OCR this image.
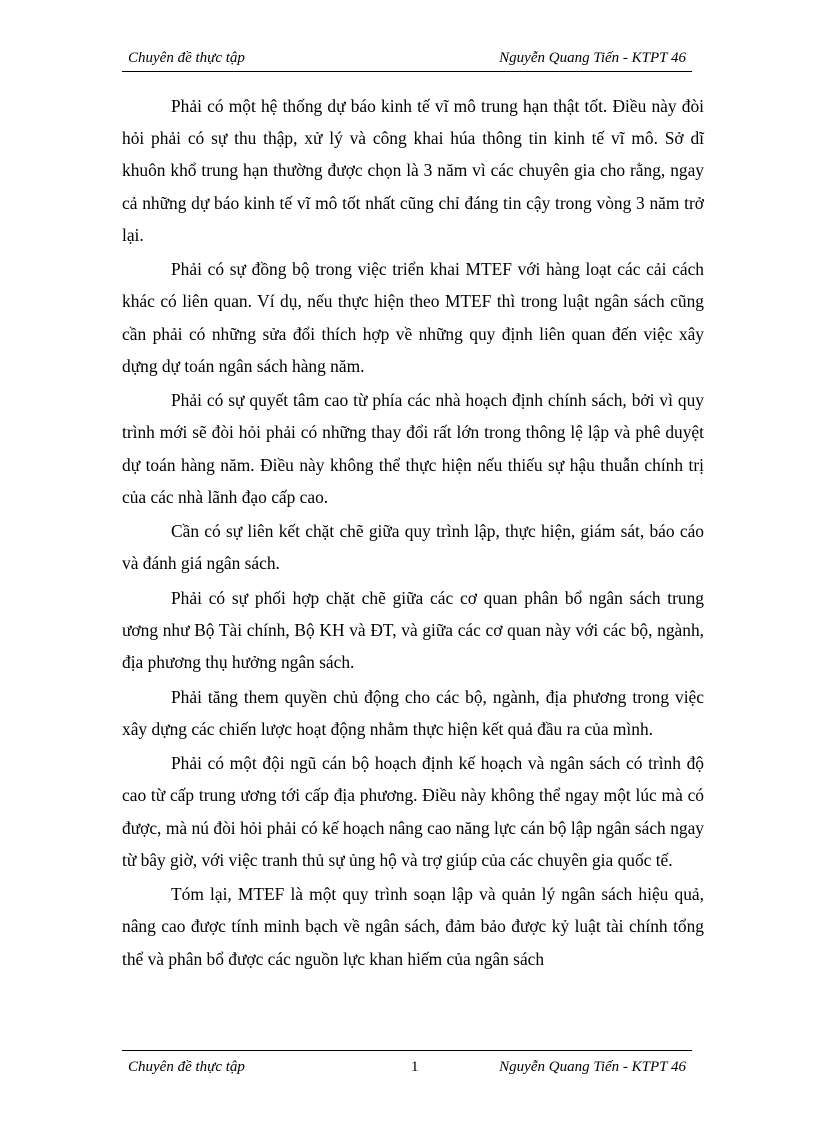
Chuyên đề thực tập	Nguyễn Quang Tiến - KTPT 46

Phải có một hệ thống dự báo kinh tế vĩ mô trung hạn thật tốt. Điều này đòi hỏi phải có sự thu thập, xử lý và công khai húa thông tin kinh tế vĩ mô. Sở dĩ khuôn khổ trung hạn thường được chọn là 3 năm vì các chuyên gia cho rằng, ngay cả những dự báo kinh tế vĩ mô tốt nhất cũng chỉ đáng tin cậy trong vòng 3 năm trở lại.

Phải có sự đồng bộ trong việc triển khai MTEF với hàng loạt các cải cách khác có liên quan. Ví dụ, nếu thực hiện theo MTEF thì trong luật ngân sách cũng cần phải có những sửa đổi thích hợp về những quy định liên quan đến việc xây dựng dự toán ngân sách hàng năm.

Phải có sự quyết tâm cao từ phía các nhà hoạch định chính sách, bởi vì quy trình mới sẽ đòi hỏi phải có những thay đổi rất lớn trong thông lệ lập và phê duyệt dự toán hàng năm. Điều này không thể thực hiện nếu thiếu sự hậu thuẫn chính trị của các nhà lãnh đạo cấp cao.

Cần có sự liên kết chặt chẽ giữa quy trình lập, thực hiện, giám sát, báo cáo và đánh giá ngân sách.

Phải có sự phối hợp chặt chẽ giữa các cơ quan phân bổ ngân sách trung ương như Bộ Tài chính, Bộ KH và ĐT, và giữa các cơ quan này với các bộ, ngành, địa phương thụ hưởng ngân sách.

Phải tăng them quyền chủ động cho các bộ, ngành, địa phương trong việc xây dựng các chiến lược hoạt động nhằm thực hiện kết quả đầu ra của mình.

Phải có một đội ngũ cán bộ hoạch định kế hoạch và ngân sách có trình độ cao từ cấp trung ương tới cấp địa phương. Điều này không thể ngay một lúc mà có được, mà nú đòi hỏi phải có kế hoạch nâng cao năng lực cán bộ lập ngân sách ngay từ bây giờ, với việc tranh thủ sự ủng hộ và trợ giúp của các chuyên gia quốc tế.

Tóm lại, MTEF là một quy trình soạn lập và quản lý ngân sách hiệu quả, nâng cao được tính minh bạch về ngân sách, đảm bảo được kỷ luật tài chính tổng thể và phân bổ được các nguồn lực khan hiếm của ngân sách

Chuyên đề thực tập	1	Nguyễn Quang Tiến - KTPT 46
